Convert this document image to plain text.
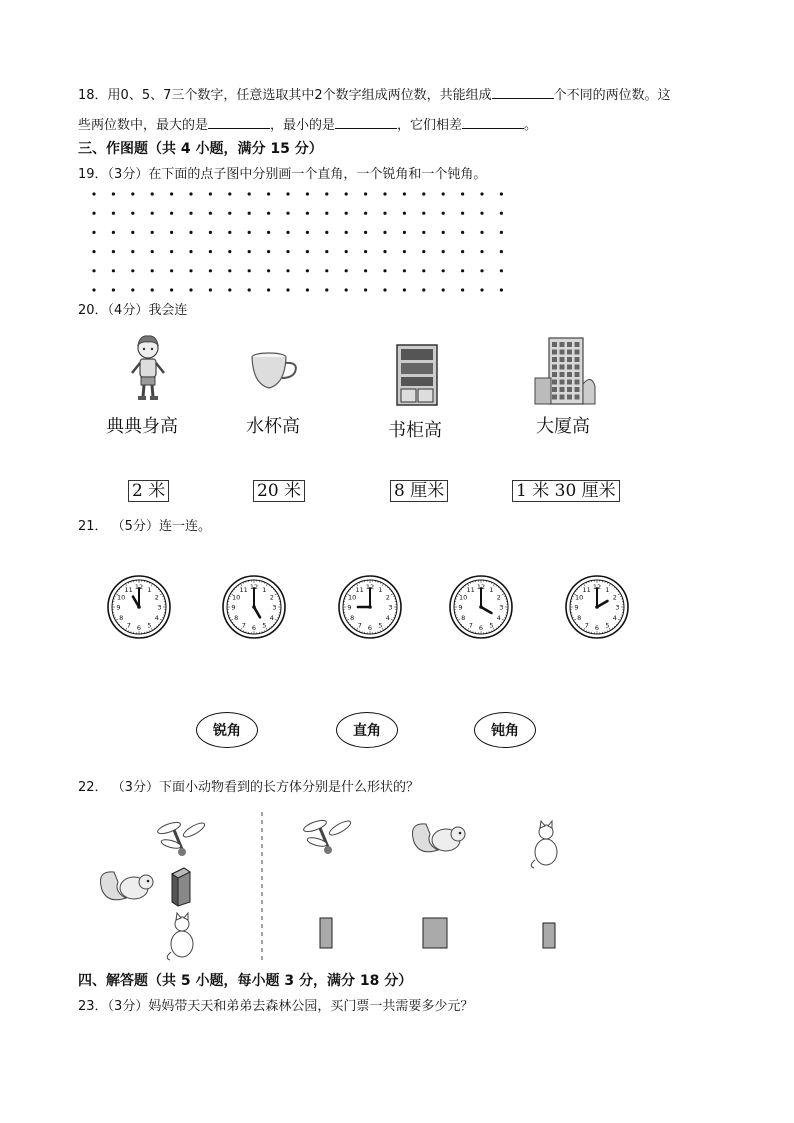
18．用0、5、7三个数字，任意选取其中2个数字组成两位数，共能组成	个不同的两位数。这
些两位数中，最大的是	，最小的是	，它们相差	。
三、作图题（共 4 小题，满分 15 分）
19．（3分）在下面的点子图中分别画一个直角，一个锐角和一个钝角。
20．（4分）我会连
典典身高	水杯高	书柜高	大厦高
2 米	20 米	8 厘米	1 米 30 厘米
21． （5分）连一连。
1
2
3
4
5
6
7
8
9
10
11 12	1
2
3
4
5
6
7
8
9
10
11 12	1
2
3
4
5
6
7
8
9
10
11 12	1
2
3
4
5
6
7
8
9
10
11 12	1
2
3
4
5
6
7
8
9
10
11 12
锐角	直角	钝角
22． （3分）下面小动物看到的长方体分别是什么形状的？
四、解答题（共 5 小题，每小题 3 分，满分 18 分）
23．（3分）妈妈带天天和弟弟去森林公园，买门票一共需要多少元？
